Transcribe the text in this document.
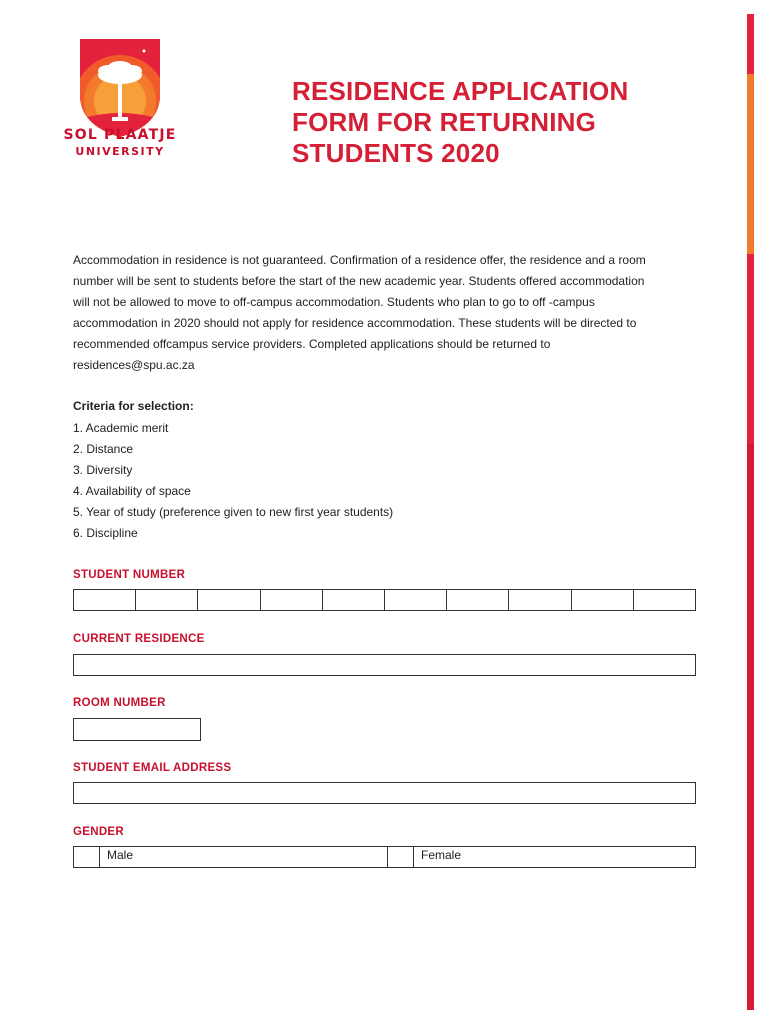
SOL PLAATJE
UNIVERSITY
RESIDENCE APPLICATION
FORM FOR RETURNING
STUDENTS 2020
Accommodation in residence is not guaranteed. Confirmation of a residence offer, the residence and a room
number will be sent to students before the start of the new academic year. Students offered accommodation
will not be allowed to move to off-campus accommodation. Students who plan to go to off -campus
accommodation in 2020 should not apply for residence accommodation. These students will be directed to
recommended offcampus service providers. Completed applications should be returned to
residences@spu.ac.za
Criteria for selection:
1. Academic merit
2. Distance
3. Diversity
4. Availability of space
5. Year of study (preference given to new first year students)
6. Discipline
STUDENT NUMBER
CURRENT RESIDENCE
ROOM NUMBER
STUDENT EMAIL ADDRESS
GENDER
Male	Female
